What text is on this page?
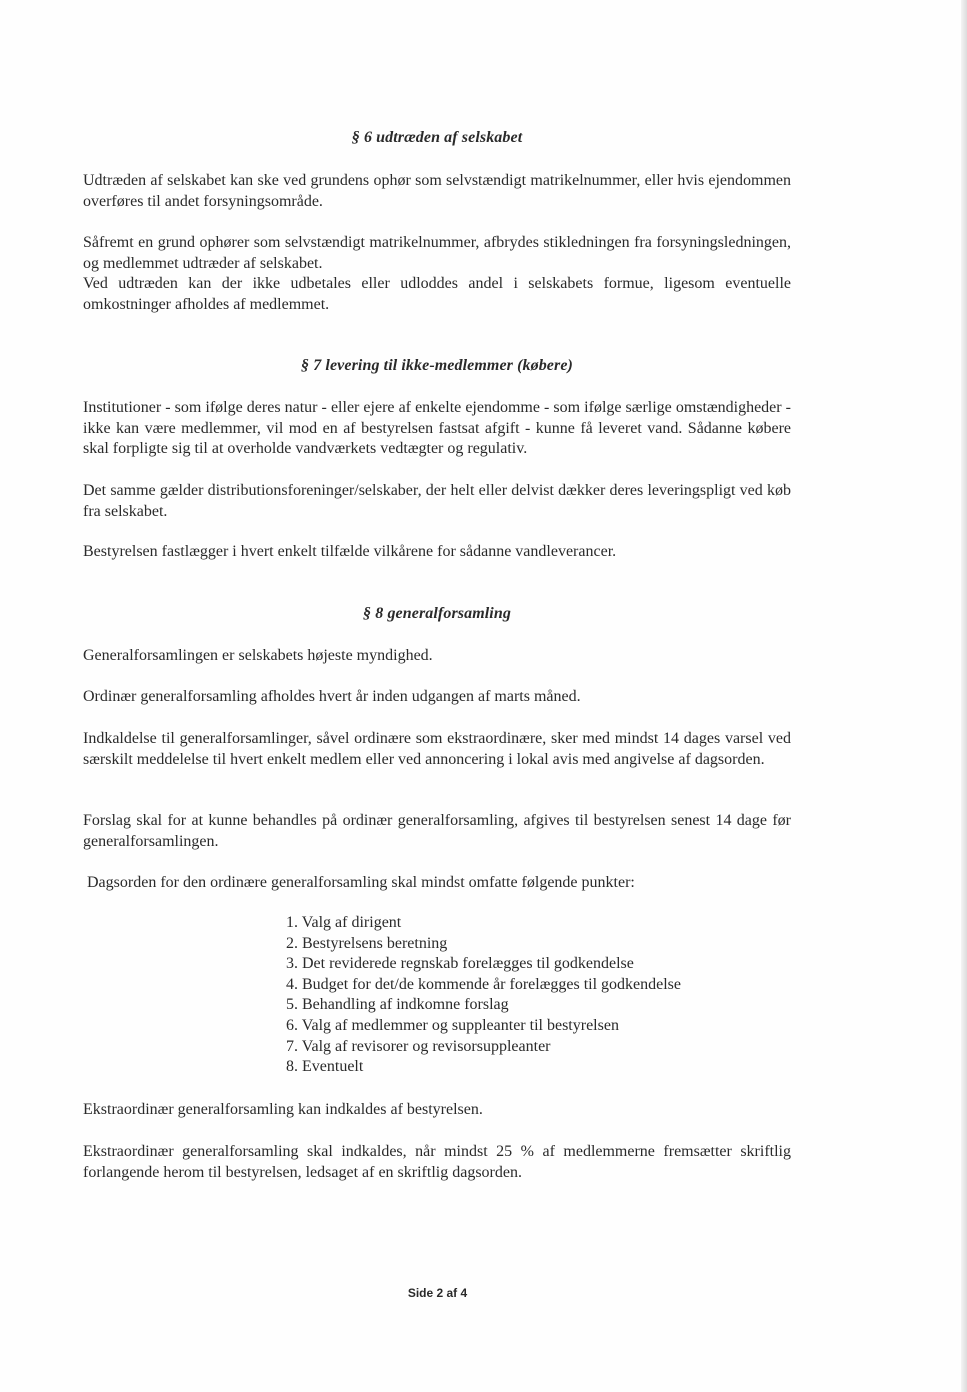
§ 6 udtræden af selskabet

Udtræden af selskabet kan ske ved grundens ophør som selvstændigt matrikelnummer, eller hvis ejendommen overføres til andet forsyningsområde.

Såfremt en grund ophører som selvstændigt matrikelnummer, afbrydes stikledningen fra forsyningsledningen, og medlemmet udtræder af selskabet.

Ved udtræden kan der ikke udbetales eller udloddes andel i selskabets formue, ligesom eventuelle omkostninger afholdes af medlemmet.

§ 7 levering til ikke-medlemmer (købere)

Institutioner - som ifølge deres natur - eller ejere af enkelte ejendomme - som ifølge særlige omstændigheder - ikke kan være medlemmer, vil mod en af bestyrelsen fastsat afgift - kunne få leveret vand. Sådanne købere skal forpligte sig til at overholde vandværkets vedtægter og regulativ.

Det samme gælder distributionsforeninger/selskaber, der helt eller delvist dækker deres leveringspligt ved køb fra selskabet.

Bestyrelsen fastlægger i hvert enkelt tilfælde vilkårene for sådanne vandleverancer.

§ 8 generalforsamling

Generalforsamlingen er selskabets højeste myndighed.

Ordinær generalforsamling afholdes hvert år inden udgangen af marts måned.

Indkaldelse til generalforsamlinger, såvel ordinære som ekstraordinære, sker med mindst 14 dages varsel ved særskilt meddelelse til hvert enkelt medlem eller ved annoncering i lokal avis med angivelse af dagsorden.

Forslag skal for at kunne behandles på ordinær generalforsamling, afgives til bestyrelsen senest 14 dage før generalforsamlingen.

Dagsorden for den ordinære generalforsamling skal mindst omfatte følgende punkter:

1. Valg af dirigent
2. Bestyrelsens beretning
3. Det reviderede regnskab forelægges til godkendelse
4. Budget for det/de kommende år forelægges til godkendelse
5. Behandling af indkomne forslag
6. Valg af medlemmer og suppleanter til bestyrelsen
7. Valg af revisorer og revisorsuppleanter
8. Eventuelt

Ekstraordinær generalforsamling kan indkaldes af bestyrelsen.

Ekstraordinær generalforsamling skal indkaldes, når mindst 25 % af medlemmerne fremsætter skriftlig forlangende herom til bestyrelsen, ledsaget af en skriftlig dagsorden.

Side 2 af 4
